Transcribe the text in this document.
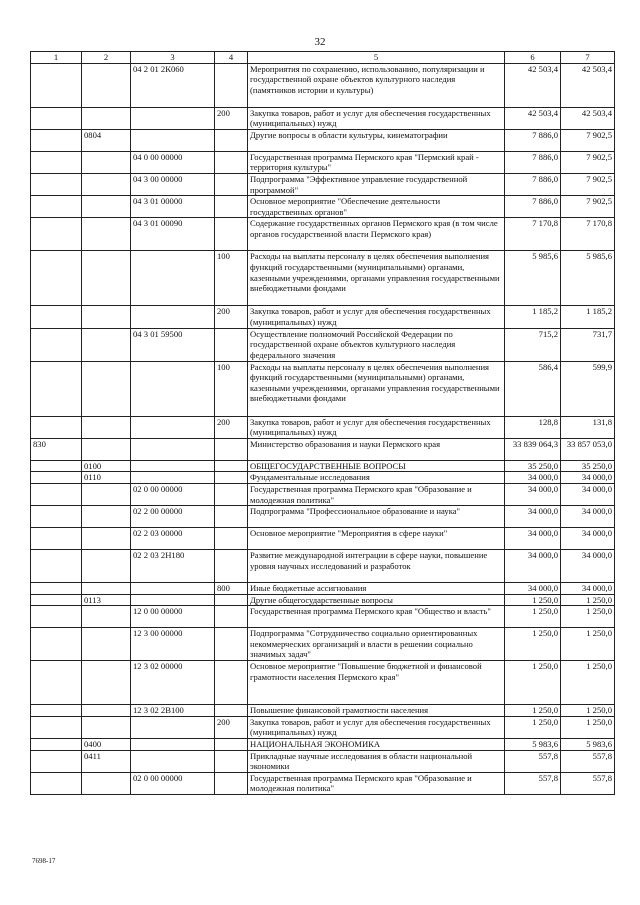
32
1	2	3	4	5	6	7
		04 2 01 2К060		Мероприятия по сохранению, использованию, популяризации и государственной охране объектов культурного наследия (памятников истории и культуры)	42 503,4	42 503,4
			200	Закупка товаров, работ и услуг для обеспечения государственных (муниципальных) нужд	42 503,4	42 503,4
	0804			Другие вопросы в области культуры, кинематографии	7 886,0	7 902,5
		04 0 00 00000		Государственная программа Пермского края "Пермский край - территория культуры"	7 886,0	7 902,5
		04 3 00 00000		Подпрограмма "Эффективное управление государственной программой"	7 886,0	7 902,5
		04 3 01 00000		Основное мероприятие "Обеспечение деятельности государственных органов"	7 886,0	7 902,5
		04 3 01 00090		Содержание государственных органов Пермского края (в том числе органов государственной власти Пермского края)	7 170,8	7 170,8
			100	Расходы на выплаты персоналу в целях обеспечения выполнения функций государственными (муниципальными) органами, казенными учреждениями, органами управления государственными внебюджетными фондами	5 985,6	5 985,6
			200	Закупка товаров, работ и услуг для обеспечения государственных (муниципальных) нужд	1 185,2	1 185,2
		04 3 01 59500		Осуществление полномочий Российской Федерации по государственной охране объектов культурного наследия федерального значения	715,2	731,7
			100	Расходы на выплаты персоналу в целях обеспечения выполнения функций государственными (муниципальными) органами, казенными учреждениями, органами управления государственными внебюджетными фондами	586,4	599,9
			200	Закупка товаров, работ и услуг для обеспечения государственных (муниципальных) нужд	128,8	131,8
830				Министерство образования и науки Пермского края	33 839 064,3	33 857 053,0
	0100			ОБЩЕГОСУДАРСТВЕННЫЕ ВОПРОСЫ	35 250,0	35 250,0
	0110			Фундаментальные исследования	34 000,0	34 000,0
		02 0 00 00000		Государственная программа Пермского края "Образование и молодежная политика"	34 000,0	34 000,0
		02 2 00 00000		Подпрограмма "Профессиональное образование и наука"	34 000,0	34 000,0
		02 2 03 00000		Основное мероприятие "Мероприятия в сфере науки"	34 000,0	34 000,0
		02 2 03 2Н180		Развитие международной интеграции в сфере науки, повышение уровня научных исследований и разработок	34 000,0	34 000,0
			800	Иные бюджетные ассигнования	34 000,0	34 000,0
	0113			Другие общегосударственные вопросы	1 250,0	1 250,0
		12 0 00 00000		Государственная программа Пермского края "Общество и власть"	1 250,0	1 250,0
		12 3 00 00000		Подпрограмма "Сотрудничество социально ориентированных некоммерческих организаций и власти в решении социально значимых задач"	1 250,0	1 250,0
		12 3 02 00000		Основное мероприятие "Повышение бюджетной и финансовой грамотности населения Пермского края"	1 250,0	1 250,0
		12 3 02 2В100		Повышение финансовой грамотности населения	1 250,0	1 250,0
			200	Закупка товаров, работ и услуг для обеспечения государственных (муниципальных) нужд	1 250,0	1 250,0
	0400			НАЦИОНАЛЬНАЯ ЭКОНОМИКА	5 983,6	5 983,6
	0411			Прикладные научные исследования в области национальной экономики	557,8	557,8
		02 0 00 00000		Государственная программа Пермского края "Образование и молодежная политика"	557,8	557,8
7698-17
